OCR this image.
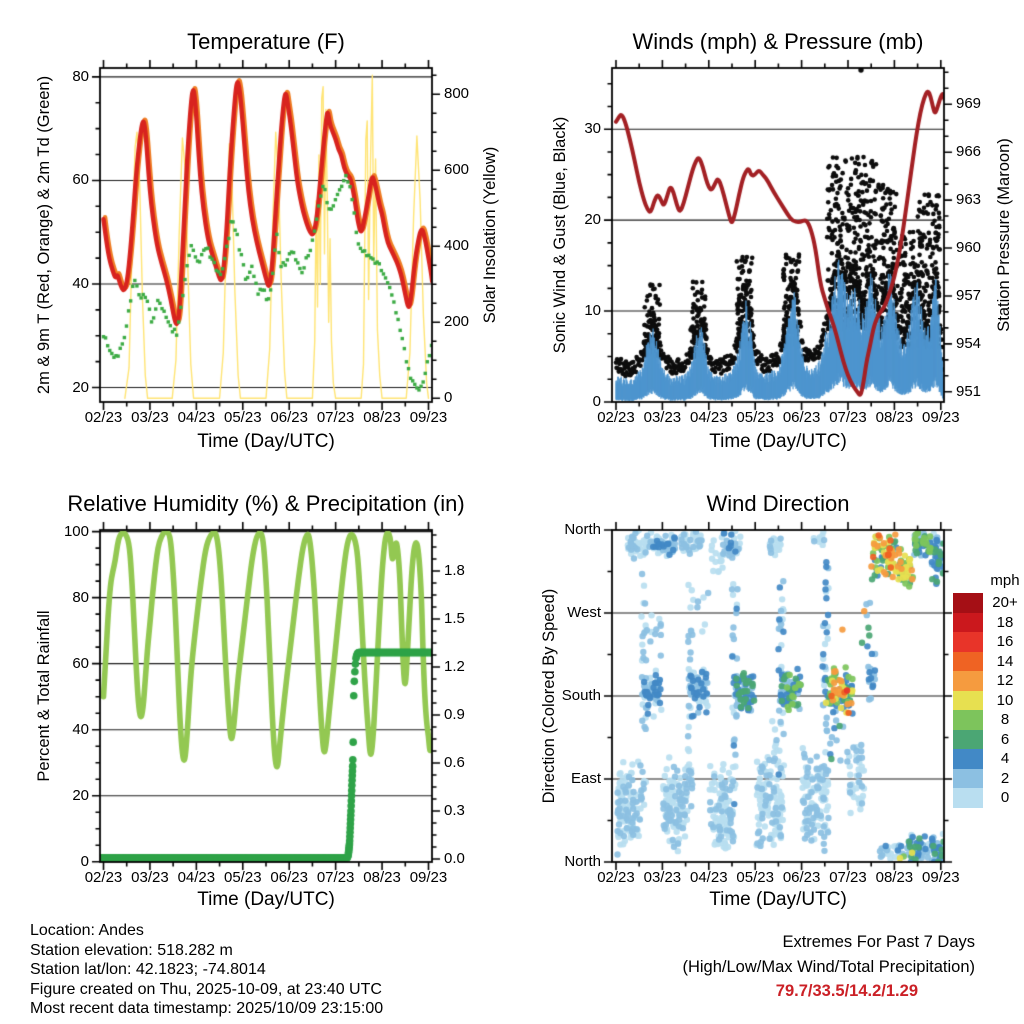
02/23 03/23 04/23 05/23 06/23 07/23 08/23 09/23
20
40
60
80
0
200
400
600
800
02/23 03/23 04/23 05/23 06/23 07/23 08/23 09/23
0
10
20
30
951
954
957
960
963
966
969
02/23 03/23 04/23 05/23 06/23 07/23 08/23 09/23
0
20
40
60
80
100
0.0
0.3
0.6
0.9
1.2
1.5
1.8
02/23 03/23 04/23 05/23 06/23 07/23 08/23 09/23
North
West
South
East
North
Temperature (F)	Winds (mph) & Pressure (mb)
Relative Humidity (%) & Precipitation (in)	Wind Direction
Time (Day/UTC)	Time (Day/UTC)
Time (Day/UTC)	Time (Day/UTC)
2m & 9m T (Red, Orange) & 2m Td (Green)	Solar Insolation (Yellow)	Sonic Wind & Gust (Blue, Black)	Station Pressure (Maroon)
Percent & Total Rainfall	Direction (Colored By Speed)	20+
18
16
14
12
10
8
6
4
2
0
mph
Location: Andes
Station elevation: 518.282 m
Station lat/lon: 42.1823; -74.8014
Figure created on Thu, 2025-10-09, at 23:40 UTC
Most recent data timestamp: 2025/10/09 23:15:00
Extremes For Past 7 Days
(High/Low/Max Wind/Total Precipitation)
79.7/33.5/14.2/1.29
